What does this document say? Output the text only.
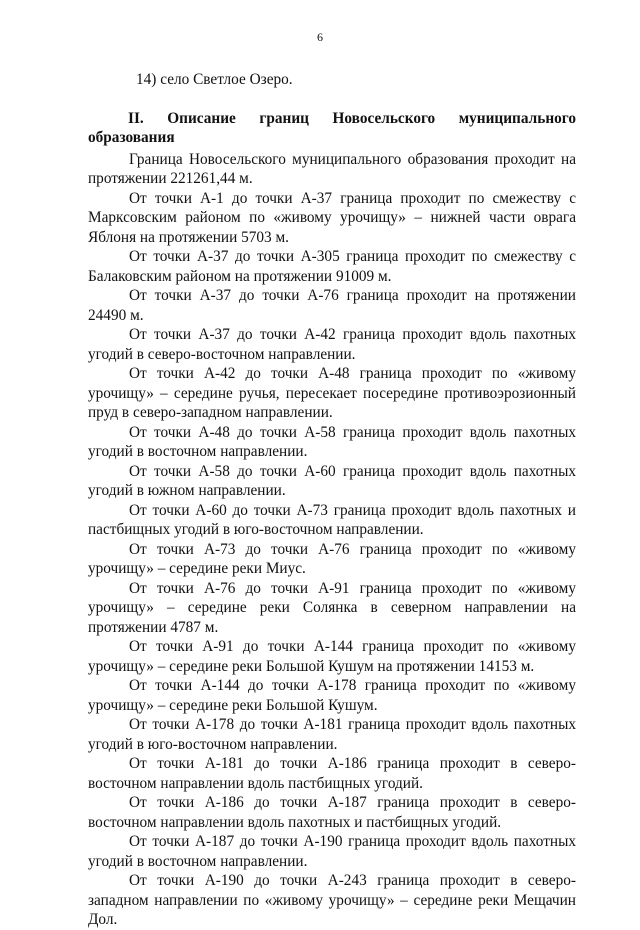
6

14) село Светлое Озеро.

II. Описание границ Новосельского муниципального образования

Граница Новосельского муниципального образования проходит на протяжении 221261,44 м.

От точки А-1 до точки А-37 граница проходит по смежеству с Марксовским районом по «живому урочищу» – нижней части оврага Яблоня на протяжении 5703 м.

От точки А-37 до точки А-305 граница проходит по смежеству с Балаковским районом на протяжении 91009 м.

От точки А-37 до точки А-76 граница проходит на протяжении 24490 м.

От точки А-37 до точки А-42 граница проходит вдоль пахотных угодий в северо-восточном направлении.

От точки А-42 до точки А-48 граница проходит по «живому урочищу» – середине ручья, пересекает посередине противоэрозионный пруд в северо-западном направлении.

От точки А-48 до точки А-58 граница проходит вдоль пахотных угодий в восточном направлении.

От точки А-58 до точки А-60 граница проходит вдоль пахотных угодий в южном направлении.

От точки А-60 до точки А-73 граница проходит вдоль пахотных и пастбищных угодий в юго-восточном направлении.

От точки А-73 до точки А-76 граница проходит по «живому урочищу» – середине реки Миус.

От точки А-76 до точки А-91 граница проходит по «живому урочищу» – середине реки Солянка в северном направлении на протяжении 4787 м.

От точки А-91 до точки А-144 граница проходит по «живому урочищу» – середине реки Большой Кушум на протяжении 14153 м.

От точки А-144 до точки А-178 граница проходит по «живому урочищу» – середине реки Большой Кушум.

От точки А-178 до точки А-181 граница проходит вдоль пахотных угодий в юго-восточном направлении.

От точки А-181 до точки А-186 граница проходит в северо-восточном направлении вдоль пастбищных угодий.

От точки А-186 до точки А-187 граница проходит в северо-восточном направлении вдоль пахотных и пастбищных угодий.

От точки А-187 до точки А-190 граница проходит вдоль пахотных угодий в восточном направлении.

От точки А-190 до точки А-243 граница проходит в северо-западном направлении по «живому урочищу» – середине реки Мещачин Дол.
